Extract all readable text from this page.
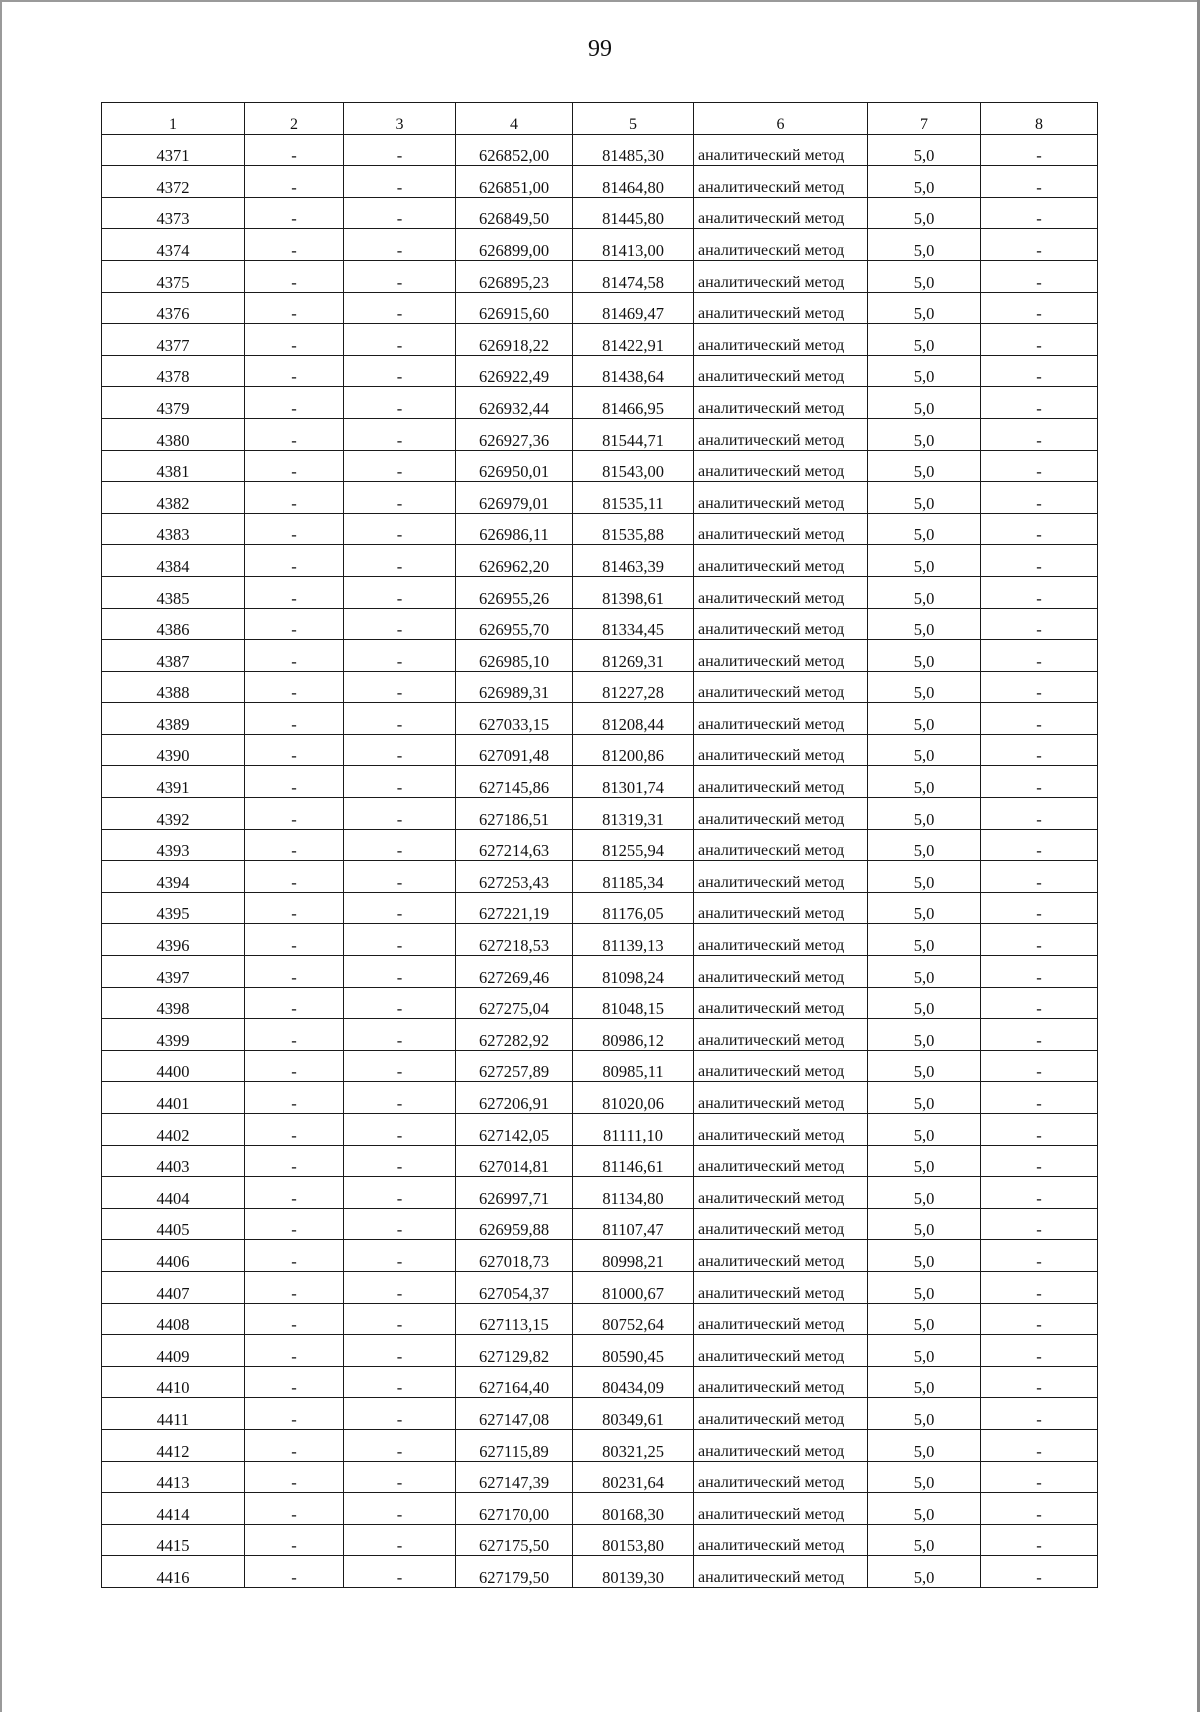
99
1	2	3	4	5	6	7	8
4371	-	-	626852,00	81485,30	аналитический метод	5,0	-
4372	-	-	626851,00	81464,80	аналитический метод	5,0	-
4373	-	-	626849,50	81445,80	аналитический метод	5,0	-
4374	-	-	626899,00	81413,00	аналитический метод	5,0	-
4375	-	-	626895,23	81474,58	аналитический метод	5,0	-
4376	-	-	626915,60	81469,47	аналитический метод	5,0	-
4377	-	-	626918,22	81422,91	аналитический метод	5,0	-
4378	-	-	626922,49	81438,64	аналитический метод	5,0	-
4379	-	-	626932,44	81466,95	аналитический метод	5,0	-
4380	-	-	626927,36	81544,71	аналитический метод	5,0	-
4381	-	-	626950,01	81543,00	аналитический метод	5,0	-
4382	-	-	626979,01	81535,11	аналитический метод	5,0	-
4383	-	-	626986,11	81535,88	аналитический метод	5,0	-
4384	-	-	626962,20	81463,39	аналитический метод	5,0	-
4385	-	-	626955,26	81398,61	аналитический метод	5,0	-
4386	-	-	626955,70	81334,45	аналитический метод	5,0	-
4387	-	-	626985,10	81269,31	аналитический метод	5,0	-
4388	-	-	626989,31	81227,28	аналитический метод	5,0	-
4389	-	-	627033,15	81208,44	аналитический метод	5,0	-
4390	-	-	627091,48	81200,86	аналитический метод	5,0	-
4391	-	-	627145,86	81301,74	аналитический метод	5,0	-
4392	-	-	627186,51	81319,31	аналитический метод	5,0	-
4393	-	-	627214,63	81255,94	аналитический метод	5,0	-
4394	-	-	627253,43	81185,34	аналитический метод	5,0	-
4395	-	-	627221,19	81176,05	аналитический метод	5,0	-
4396	-	-	627218,53	81139,13	аналитический метод	5,0	-
4397	-	-	627269,46	81098,24	аналитический метод	5,0	-
4398	-	-	627275,04	81048,15	аналитический метод	5,0	-
4399	-	-	627282,92	80986,12	аналитический метод	5,0	-
4400	-	-	627257,89	80985,11	аналитический метод	5,0	-
4401	-	-	627206,91	81020,06	аналитический метод	5,0	-
4402	-	-	627142,05	81111,10	аналитический метод	5,0	-
4403	-	-	627014,81	81146,61	аналитический метод	5,0	-
4404	-	-	626997,71	81134,80	аналитический метод	5,0	-
4405	-	-	626959,88	81107,47	аналитический метод	5,0	-
4406	-	-	627018,73	80998,21	аналитический метод	5,0	-
4407	-	-	627054,37	81000,67	аналитический метод	5,0	-
4408	-	-	627113,15	80752,64	аналитический метод	5,0	-
4409	-	-	627129,82	80590,45	аналитический метод	5,0	-
4410	-	-	627164,40	80434,09	аналитический метод	5,0	-
4411	-	-	627147,08	80349,61	аналитический метод	5,0	-
4412	-	-	627115,89	80321,25	аналитический метод	5,0	-
4413	-	-	627147,39	80231,64	аналитический метод	5,0	-
4414	-	-	627170,00	80168,30	аналитический метод	5,0	-
4415	-	-	627175,50	80153,80	аналитический метод	5,0	-
4416	-	-	627179,50	80139,30	аналитический метод	5,0	-
